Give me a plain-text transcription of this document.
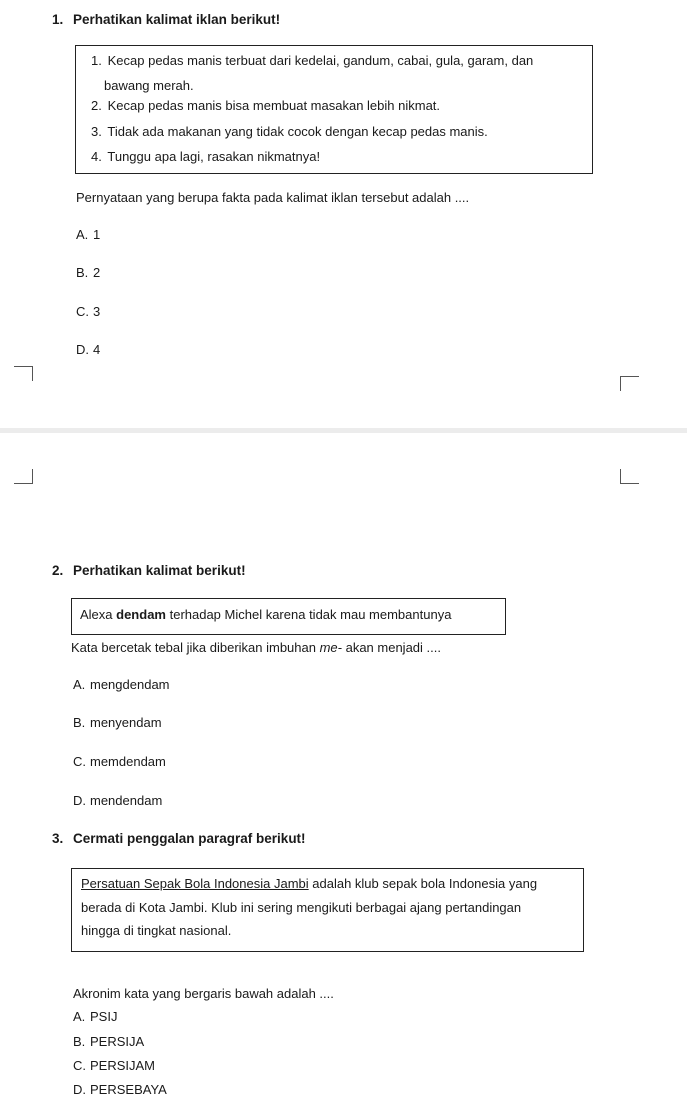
1. Perhatikan kalimat iklan berikut!
1. Kecap pedas manis terbuat dari kedelai, gandum, cabai, gula, garam, dan
bawang merah.
2. Kecap pedas manis bisa membuat masakan lebih nikmat.
3. Tidak ada makanan yang tidak cocok dengan kecap pedas manis.
4. Tunggu apa lagi, rasakan nikmatnya!
Pernyataan yang berupa fakta pada kalimat iklan tersebut adalah ....
A. 1
B. 2
C. 3
D. 4
2. Perhatikan kalimat berikut!
Alexa dendam terhadap Michel karena tidak mau membantunya
Kata bercetak tebal jika diberikan imbuhan me- akan menjadi ....
A. mengdendam
B. menyendam
C. memdendam
D. mendendam
3. Cermati penggalan paragraf berikut!
Persatuan Sepak Bola Indonesia Jambi adalah klub sepak bola Indonesia yang
berada di Kota Jambi. Klub ini sering mengikuti berbagai ajang pertandingan
hingga di tingkat nasional.
Akronim kata yang bergaris bawah adalah ....
A. PSIJ
B. PERSIJA
C. PERSIJAM
D. PERSEBAYA
